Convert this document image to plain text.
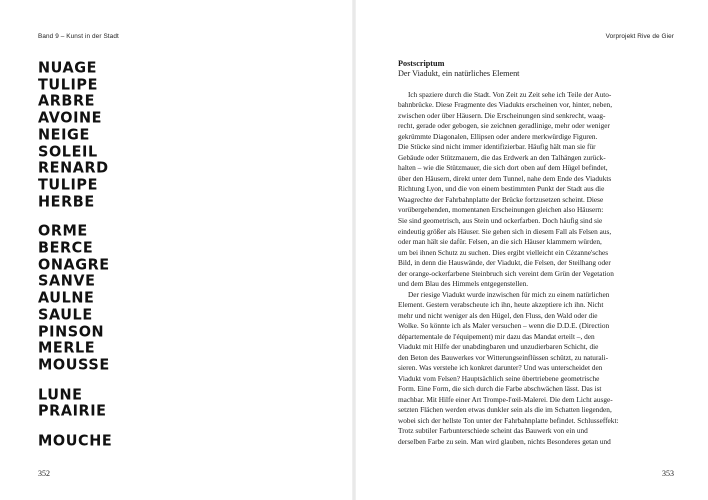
Band 9 – Kunst in der Stadt
NUAGE
TULIPE
ARBRE
AVOINE
NEIGE
SOLEIL
RENARD
TULIPE
HERBE
ORME
BERCE
ONAGRE
SANVE
AULNE
SAULE
PINSON
MERLE
MOUSSE
LUNE
PRAIRIE
MOUCHE
352
Vorprojekt Rive de Gier
353

Postscriptum

Der Viadukt, ein natürliches Element

Ich spaziere durch die Stadt. Von Zeit zu Zeit sehe ich Teile der Auto-
bahnbrücke. Diese Fragmente des Viadukts erscheinen vor, hinter, neben,
zwischen oder über Häusern. Die Erscheinungen sind senkrecht, waag-
recht, gerade oder gebogen, sie zeichnen geradlinige, mehr oder weniger
gekrümmte Diagonalen, Ellipsen oder andere merkwürdige Figuren.
Die Stücke sind nicht immer identifizierbar. Häufig hält man sie für
Gebäude oder Stützmauern, die das Erdwerk an den Talhängen zurück-
halten – wie die Stützmauer, die sich dort oben auf dem Hügel befindet,
über den Häusern, direkt unter dem Tunnel, nahe dem Ende des Viadukts
Richtung Lyon, und die von einem bestimmten Punkt der Stadt aus die
Waagrechte der Fahrbahnplatte der Brücke fortzusetzen scheint. Diese
vorübergehenden, momentanen Erscheinungen gleichen also Häusern:
Sie sind geometrisch, aus Stein und ockerfarben. Doch häufig sind sie
eindeutig größer als Häuser. Sie gehen sich in diesem Fall als Felsen aus,
oder man hält sie dafür. Felsen, an die sich Häuser klammern würden,
um bei ihnen Schutz zu suchen. Dies ergibt vielleicht ein Cézanne'sches
Bild, in denn die Hauswände, der Viadukt, die Felsen, der Steilhang oder
der orange-ockerfarbene Steinbruch sich vereint dem Grün der Vegetation
und dem Blau des Himmels entgegenstellen.

Der riesige Viadukt wurde inzwischen für mich zu einem natürlichen
Element. Gestern verabscheute ich ihn, heute akzeptiere ich ihn. Nicht
mehr und nicht weniger als den Hügel, den Fluss, den Wald oder die
Wolke. So könnte ich als Maler versuchen – wenn die D.D.E. (Direction
départementale de l'équipement) mir dazu das Mandat erteilt –, den
Viadukt mit Hilfe der unabdingbaren und unzudierbaren Schicht, die
den Beton des Bauwerkes vor Witterungseinflüssen schützt, zu naturali-
sieren. Was verstehe ich konkret darunter? Und was unterscheidet den
Viadukt vom Felsen? Hauptsächlich seine übertriebene geometrische
Form. Eine Form, die sich durch die Farbe abschwächen lässt. Das ist
machbar. Mit Hilfe einer Art Trompe-l'œil-Malerei. Die dem Licht ausge-
setzten Flächen werden etwas dunkler sein als die im Schatten liegenden,
wobei sich der hellste Ton unter der Fahrbahnplatte befindet. Schlusseffekt:
Trotz subtiler Farbunterschiede scheint das Bauwerk von ein und
derselben Farbe zu sein. Man wird glauben, nichts Besonderes getan und
